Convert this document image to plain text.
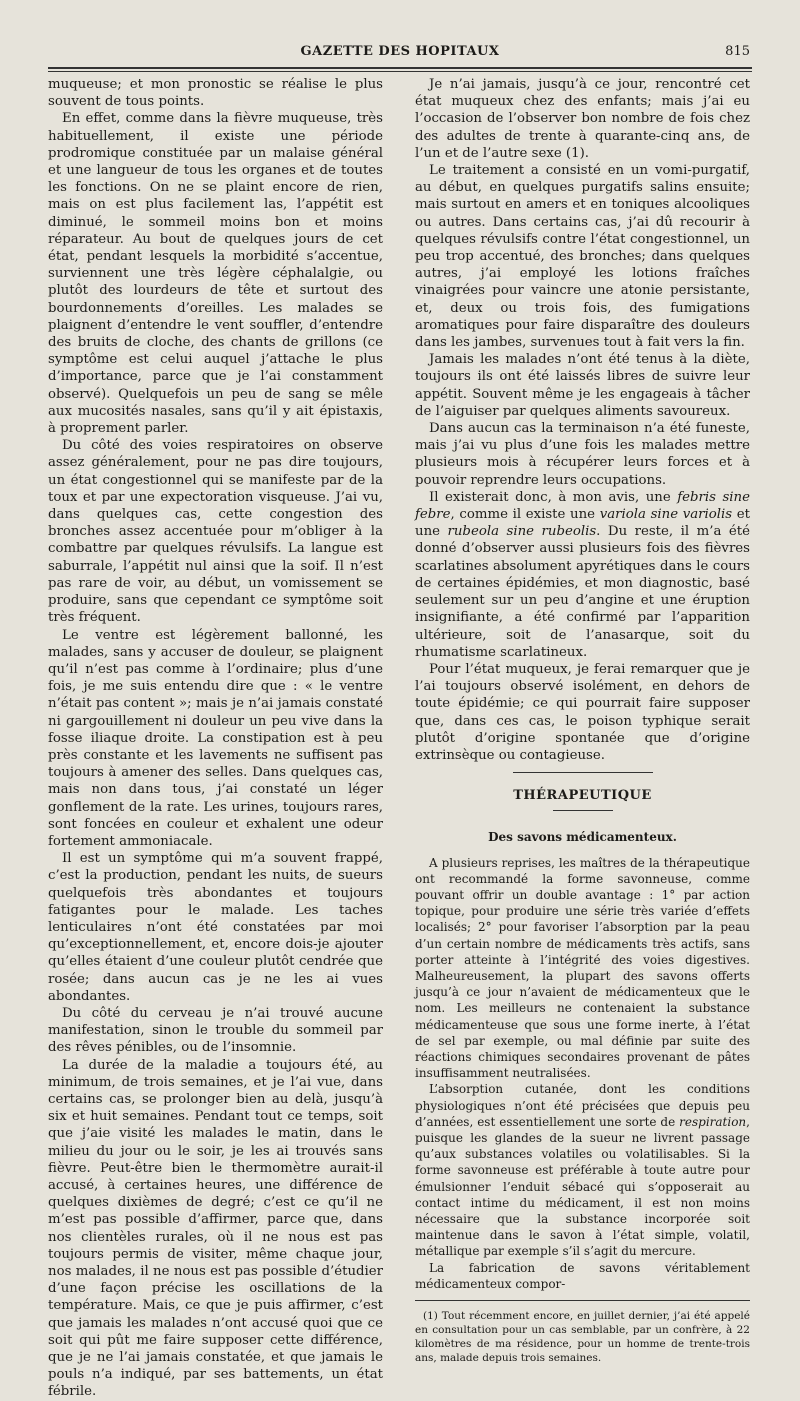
GAZETTE DES HOPITAUX	815

muqueuse; et mon pronostic se réalise le plus souvent de tous points.

En effet, comme dans la fièvre muqueuse, très habituellement, il existe une période prodromique constituée par un malaise général et une langueur de tous les organes et de toutes les fonctions. On ne se plaint encore de rien, mais on est plus facilement las, l’appétit est diminué, le sommeil moins bon et moins réparateur. Au bout de quelques jours de cet état, pendant lesquels la morbidité s’accentue, surviennent une très légère céphalalgie, ou plutôt des lourdeurs de tête et surtout des bourdonnements d’oreilles. Les malades se plaignent d’entendre le vent souffler, d’entendre des bruits de cloche, des chants de grillons (ce symptôme est celui auquel j’attache le plus d’importance, parce que je l’ai constamment observé). Quelquefois un peu de sang se mêle aux mucosités nasales, sans qu’il y ait épistaxis, à proprement parler.

Du côté des voies respiratoires on observe assez généralement, pour ne pas dire toujours, un état congestionnel qui se manifeste par de la toux et par une expectoration visqueuse. J’ai vu, dans quelques cas, cette congestion des bronches assez accentuée pour m’obliger à la combattre par quelques révulsifs. La langue est saburrale, l’appétit nul ainsi que la soif. Il n’est pas rare de voir, au début, un vomissement se produire, sans que cependant ce symptôme soit très fréquent.

Le ventre est légèrement ballonné, les malades, sans y accuser de douleur, se plaignent qu’il n’est pas comme à l’ordinaire; plus d’une fois, je me suis entendu dire que : « le ventre n’était pas content »; mais je n’ai jamais constaté ni gargouillement ni douleur un peu vive dans la fosse iliaque droite. La constipation est à peu près constante et les lavements ne suffisent pas toujours à amener des selles. Dans quelques cas, mais non dans tous, j’ai constaté un léger gonflement de la rate. Les urines, toujours rares, sont foncées en couleur et exhalent une odeur fortement ammoniacale.

Il est un symptôme qui m’a souvent frappé, c’est la production, pendant les nuits, de sueurs quelquefois très abondantes et toujours fatigantes pour le malade. Les taches lenticulaires n’ont été constatées par moi qu’exceptionnellement, et, encore dois-je ajouter qu’elles étaient d’une couleur plutôt cendrée que rosée; dans aucun cas je ne les ai vues abondantes.

Du côté du cerveau je n’ai trouvé aucune manifestation, sinon le trouble du sommeil par des rêves pénibles, ou de l’insomnie.

La durée de la maladie a toujours été, au minimum, de trois semaines, et je l’ai vue, dans certains cas, se prolonger bien au delà, jusqu’à six et huit semaines. Pendant tout ce temps, soit que j’aie visité les malades le matin, dans le milieu du jour ou le soir, je les ai trouvés sans fièvre. Peut-être bien le thermomètre aurait-il accusé, à certaines heures, une différence de quelques dixièmes de degré; c’est ce qu’il ne m’est pas possible d’affirmer, parce que, dans nos clientèles rurales, où il ne nous est pas toujours permis de visiter, même chaque jour, nos malades, il ne nous est pas possible d’étudier d’une façon précise les oscillations de la température. Mais, ce que je puis affirmer, c’est que jamais les malades n’ont accusé quoi que ce soit qui pût me faire supposer cette différence, que je ne l’ai jamais constatée, et que jamais le pouls n’a indiqué, par ses battements, un état fébrile.

Je n’ai jamais, jusqu’à ce jour, rencontré cet état muqueux chez des enfants; mais j’ai eu l’occasion de l’observer bon nombre de fois chez des adultes de trente à quarante-cinq ans, de l’un et de l’autre sexe (1).

Le traitement a consisté en un vomi-purgatif, au début, en quelques purgatifs salins ensuite; mais surtout en amers et en toniques alcooliques ou autres. Dans certains cas, j’ai dû recourir à quelques révulsifs contre l’état congestionnel, un peu trop accentué, des bronches; dans quelques autres, j’ai employé les lotions fraîches vinaigrées pour vaincre une atonie persistante, et, deux ou trois fois, des fumigations aromatiques pour faire disparaître des douleurs dans les jambes, survenues tout à fait vers la fin.

Jamais les malades n’ont été tenus à la diète, toujours ils ont été laissés libres de suivre leur appétit. Souvent même je les engageais à tâcher de l’aiguiser par quelques aliments savoureux.

Dans aucun cas la terminaison n’a été funeste, mais j’ai vu plus d’une fois les malades mettre plusieurs mois à récupérer leurs forces et à pouvoir reprendre leurs occupations.

Il existerait donc, à mon avis, une febris sine febre, comme il existe une variola sine variolis et une rubeola sine rubeolis. Du reste, il m’a été donné d’observer aussi plusieurs fois des fièvres scarlatines absolument apyrétiques dans le cours de certaines épidémies, et mon diagnostic, basé seulement sur un peu d’angine et une éruption insignifiante, a été confirmé par l’apparition ultérieure, soit de l’anasarque, soit du rhumatisme scarlatineux.

Pour l’état muqueux, je ferai remarquer que je l’ai toujours observé isolément, en dehors de toute épidémie; ce qui pourrait faire supposer que, dans ces cas, le poison typhique serait plutôt d’origine spontanée que d’origine extrinsèque ou contagieuse.

THÉRAPEUTIQUE
Des savons médicamenteux.

A plusieurs reprises, les maîtres de la thérapeutique ont recommandé la forme savonneuse, comme pouvant offrir un double avantage : 1° par action topique, pour produire une série très variée d’effets localisés; 2° pour favoriser l’absorption par la peau d’un certain nombre de médicaments très actifs, sans porter atteinte à l’intégrité des voies digestives. Malheureusement, la plupart des savons offerts jusqu’à ce jour n’avaient de médicamenteux que le nom. Les meilleurs ne contenaient la substance médicamenteuse que sous une forme inerte, à l’état de sel par exemple, ou mal définie par suite des réactions chimiques secondaires provenant de pâtes insuffisamment neutralisées.

L’absorption cutanée, dont les conditions physiologiques n’ont été précisées que depuis peu d’années, est essentiellement une sorte de respiration, puisque les glandes de la sueur ne livrent passage qu’aux substances volatiles ou volatilisables. Si la forme savonneuse est préférable à toute autre pour émulsionner l’enduit sébacé qui s’opposerait au contact intime du médicament, il est non moins nécessaire que la substance incorporée soit maintenue dans le savon à l’état simple, volatil, métallique par exemple s’il s’agit du mercure.

La fabrication de savons véritablement médicamenteux compor-

(1) Tout récemment encore, en juillet dernier, j’ai été appelé en consultation pour un cas semblable, par un confrère, à 22 kilomètres de ma résidence, pour un homme de trente-trois ans, malade depuis trois semaines.
